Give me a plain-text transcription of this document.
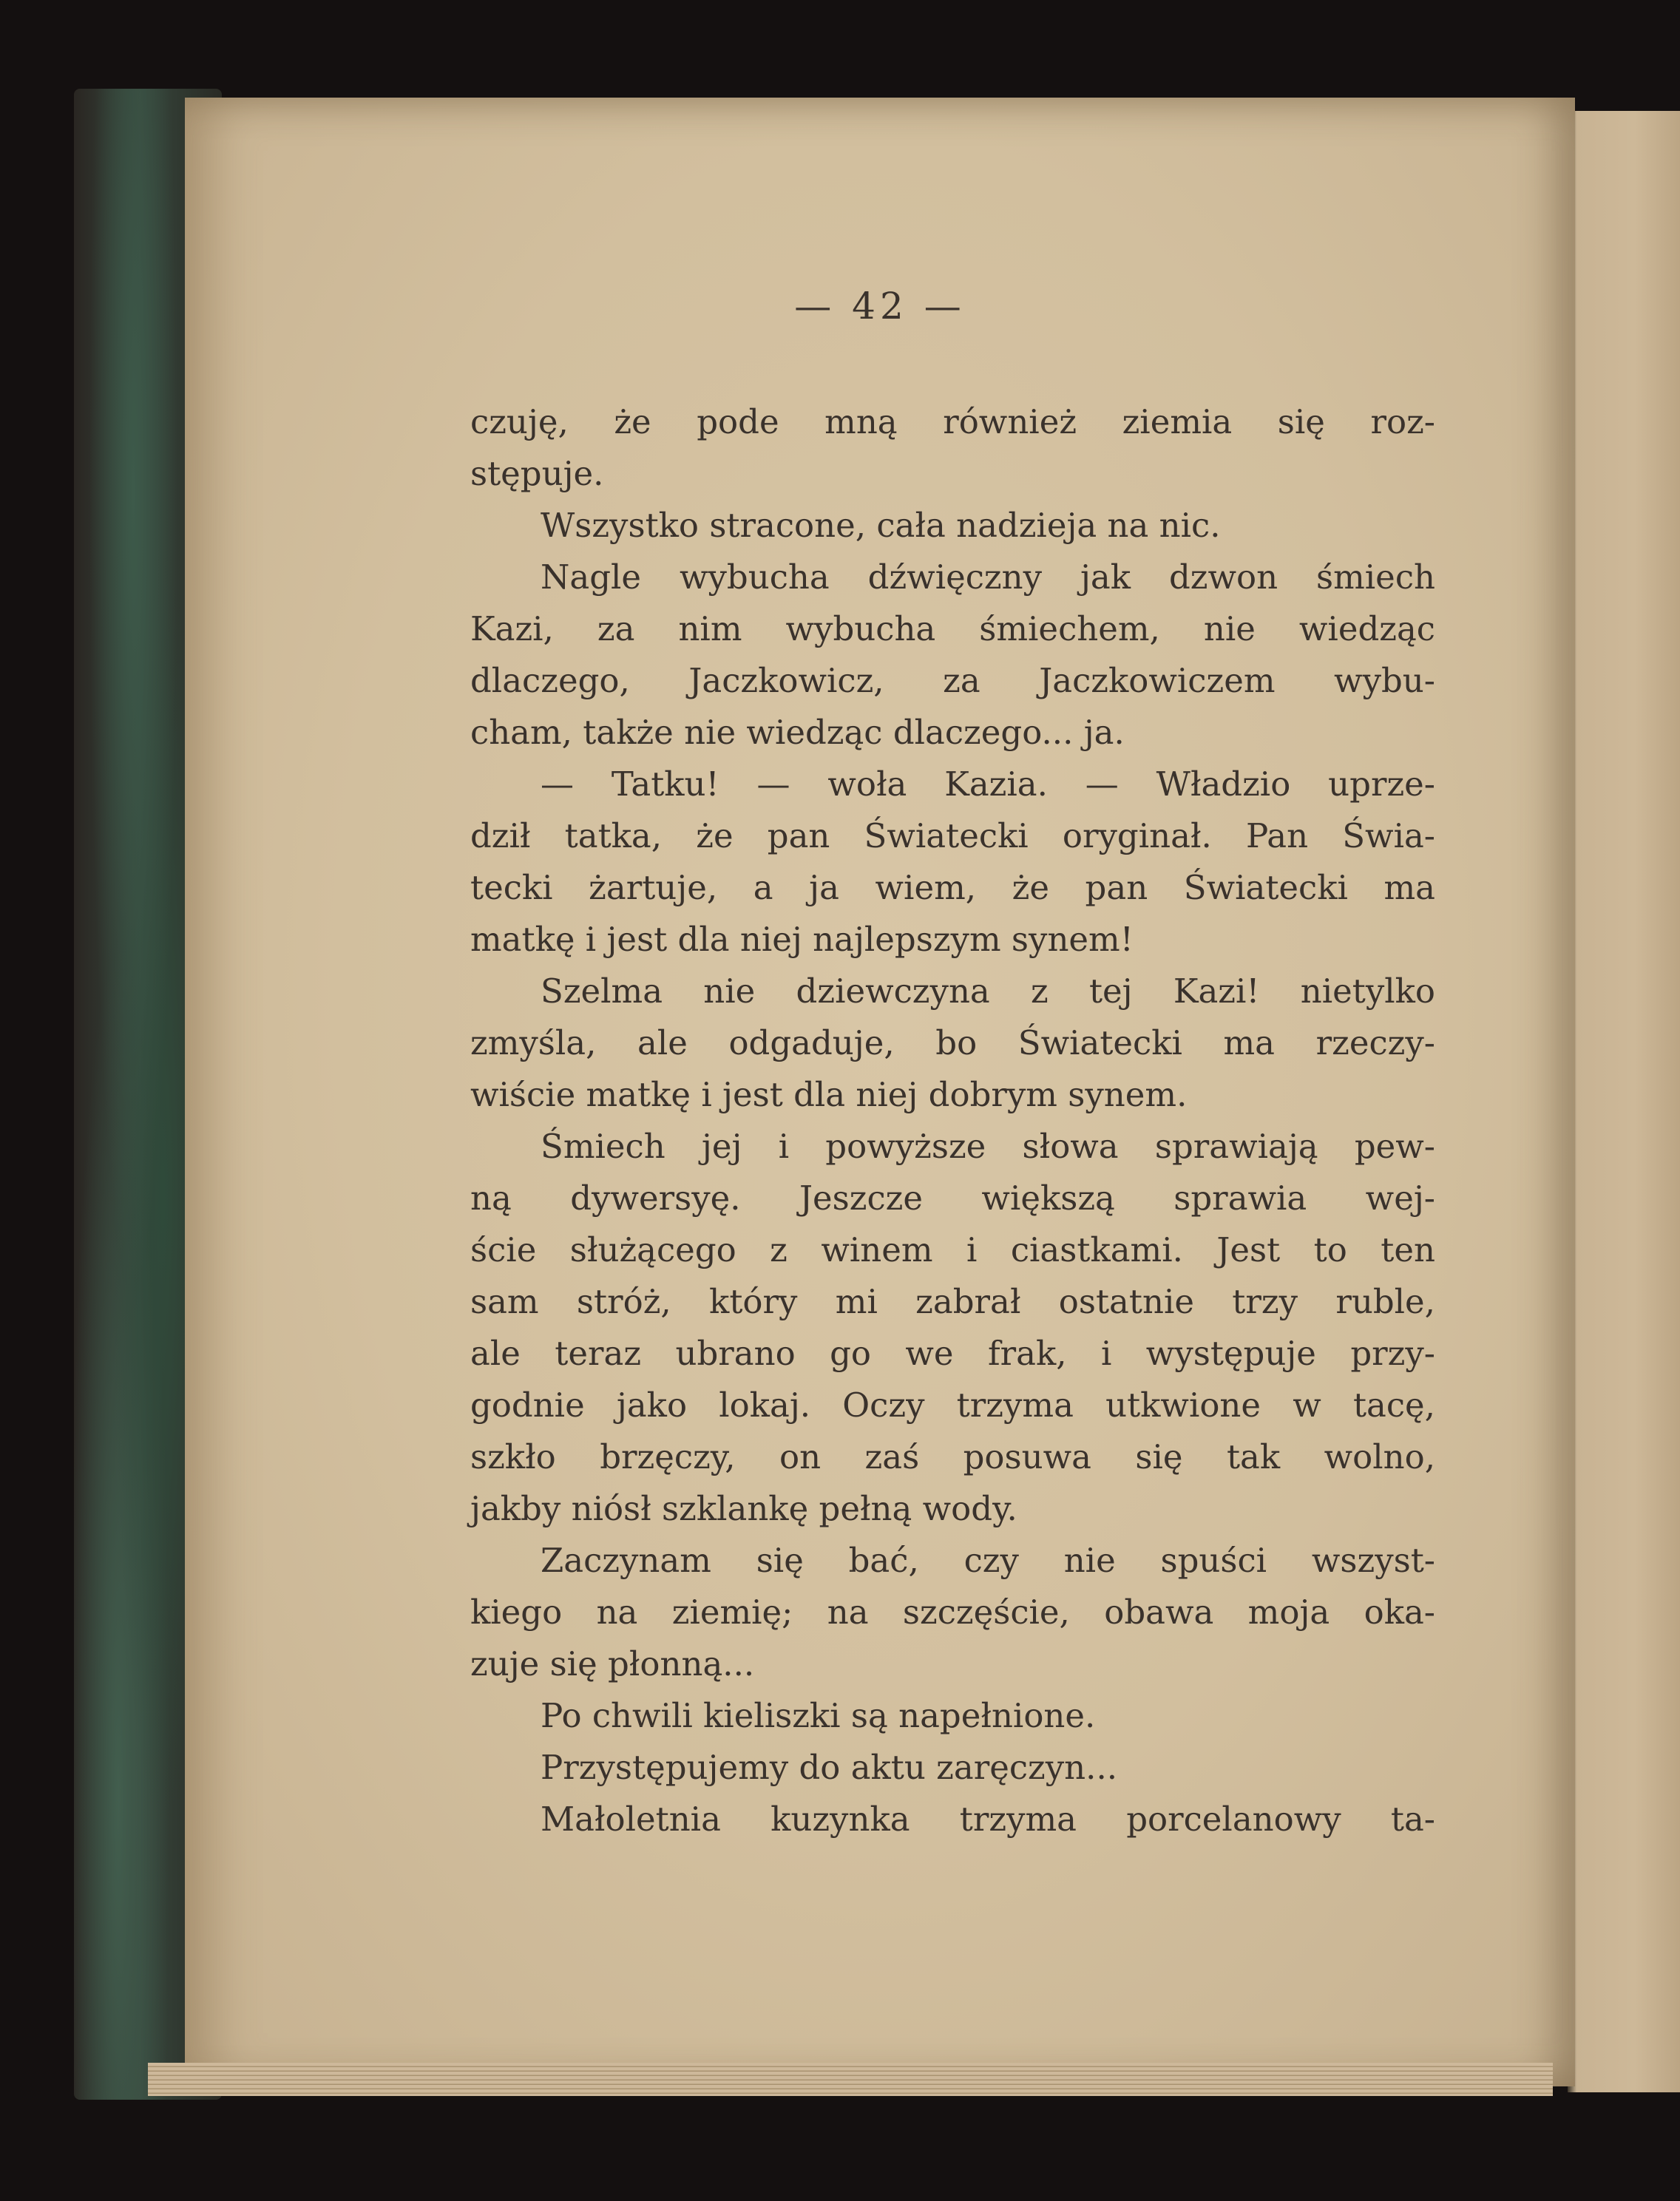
— 42 —
czuję, że pode mną również ziemia się roz-
stępuje.
Wszystko stracone, cała nadzieja na nic.
Nagle wybucha dźwięczny jak dzwon śmiech
Kazi, za nim wybucha śmiechem, nie wiedząc
dlaczego, Jaczkowicz, za Jaczkowiczem wybu-
cham, także nie wiedząc dlaczego... ja.
— Tatku! — woła Kazia. — Władzio uprze-
dził tatka, że pan Światecki oryginał. Pan Świa-
tecki żartuje, a ja wiem, że pan Światecki ma
matkę i jest dla niej najlepszym synem!
Szelma nie dziewczyna z tej Kazi! nietylko
zmyśla, ale odgaduje, bo Światecki ma rzeczy-
wiście matkę i jest dla niej dobrym synem.
Śmiech jej i powyższe słowa sprawiają pew-
ną dywersyę. Jeszcze większą sprawia wej-
ście służącego z winem i ciastkami. Jest to ten
sam stróż, który mi zabrał ostatnie trzy ruble,
ale teraz ubrano go we frak, i występuje przy-
godnie jako lokaj. Oczy trzyma utkwione w tacę,
szkło brzęczy, on zaś posuwa się tak wolno,
jakby niósł szklankę pełną wody.
Zaczynam się bać, czy nie spuści wszyst-
kiego na ziemię; na szczęście, obawa moja oka-
zuje się płonną...
Po chwili kieliszki są napełnione.
Przystępujemy do aktu zaręczyn...
Małoletnia kuzynka trzyma porcelanowy ta-
